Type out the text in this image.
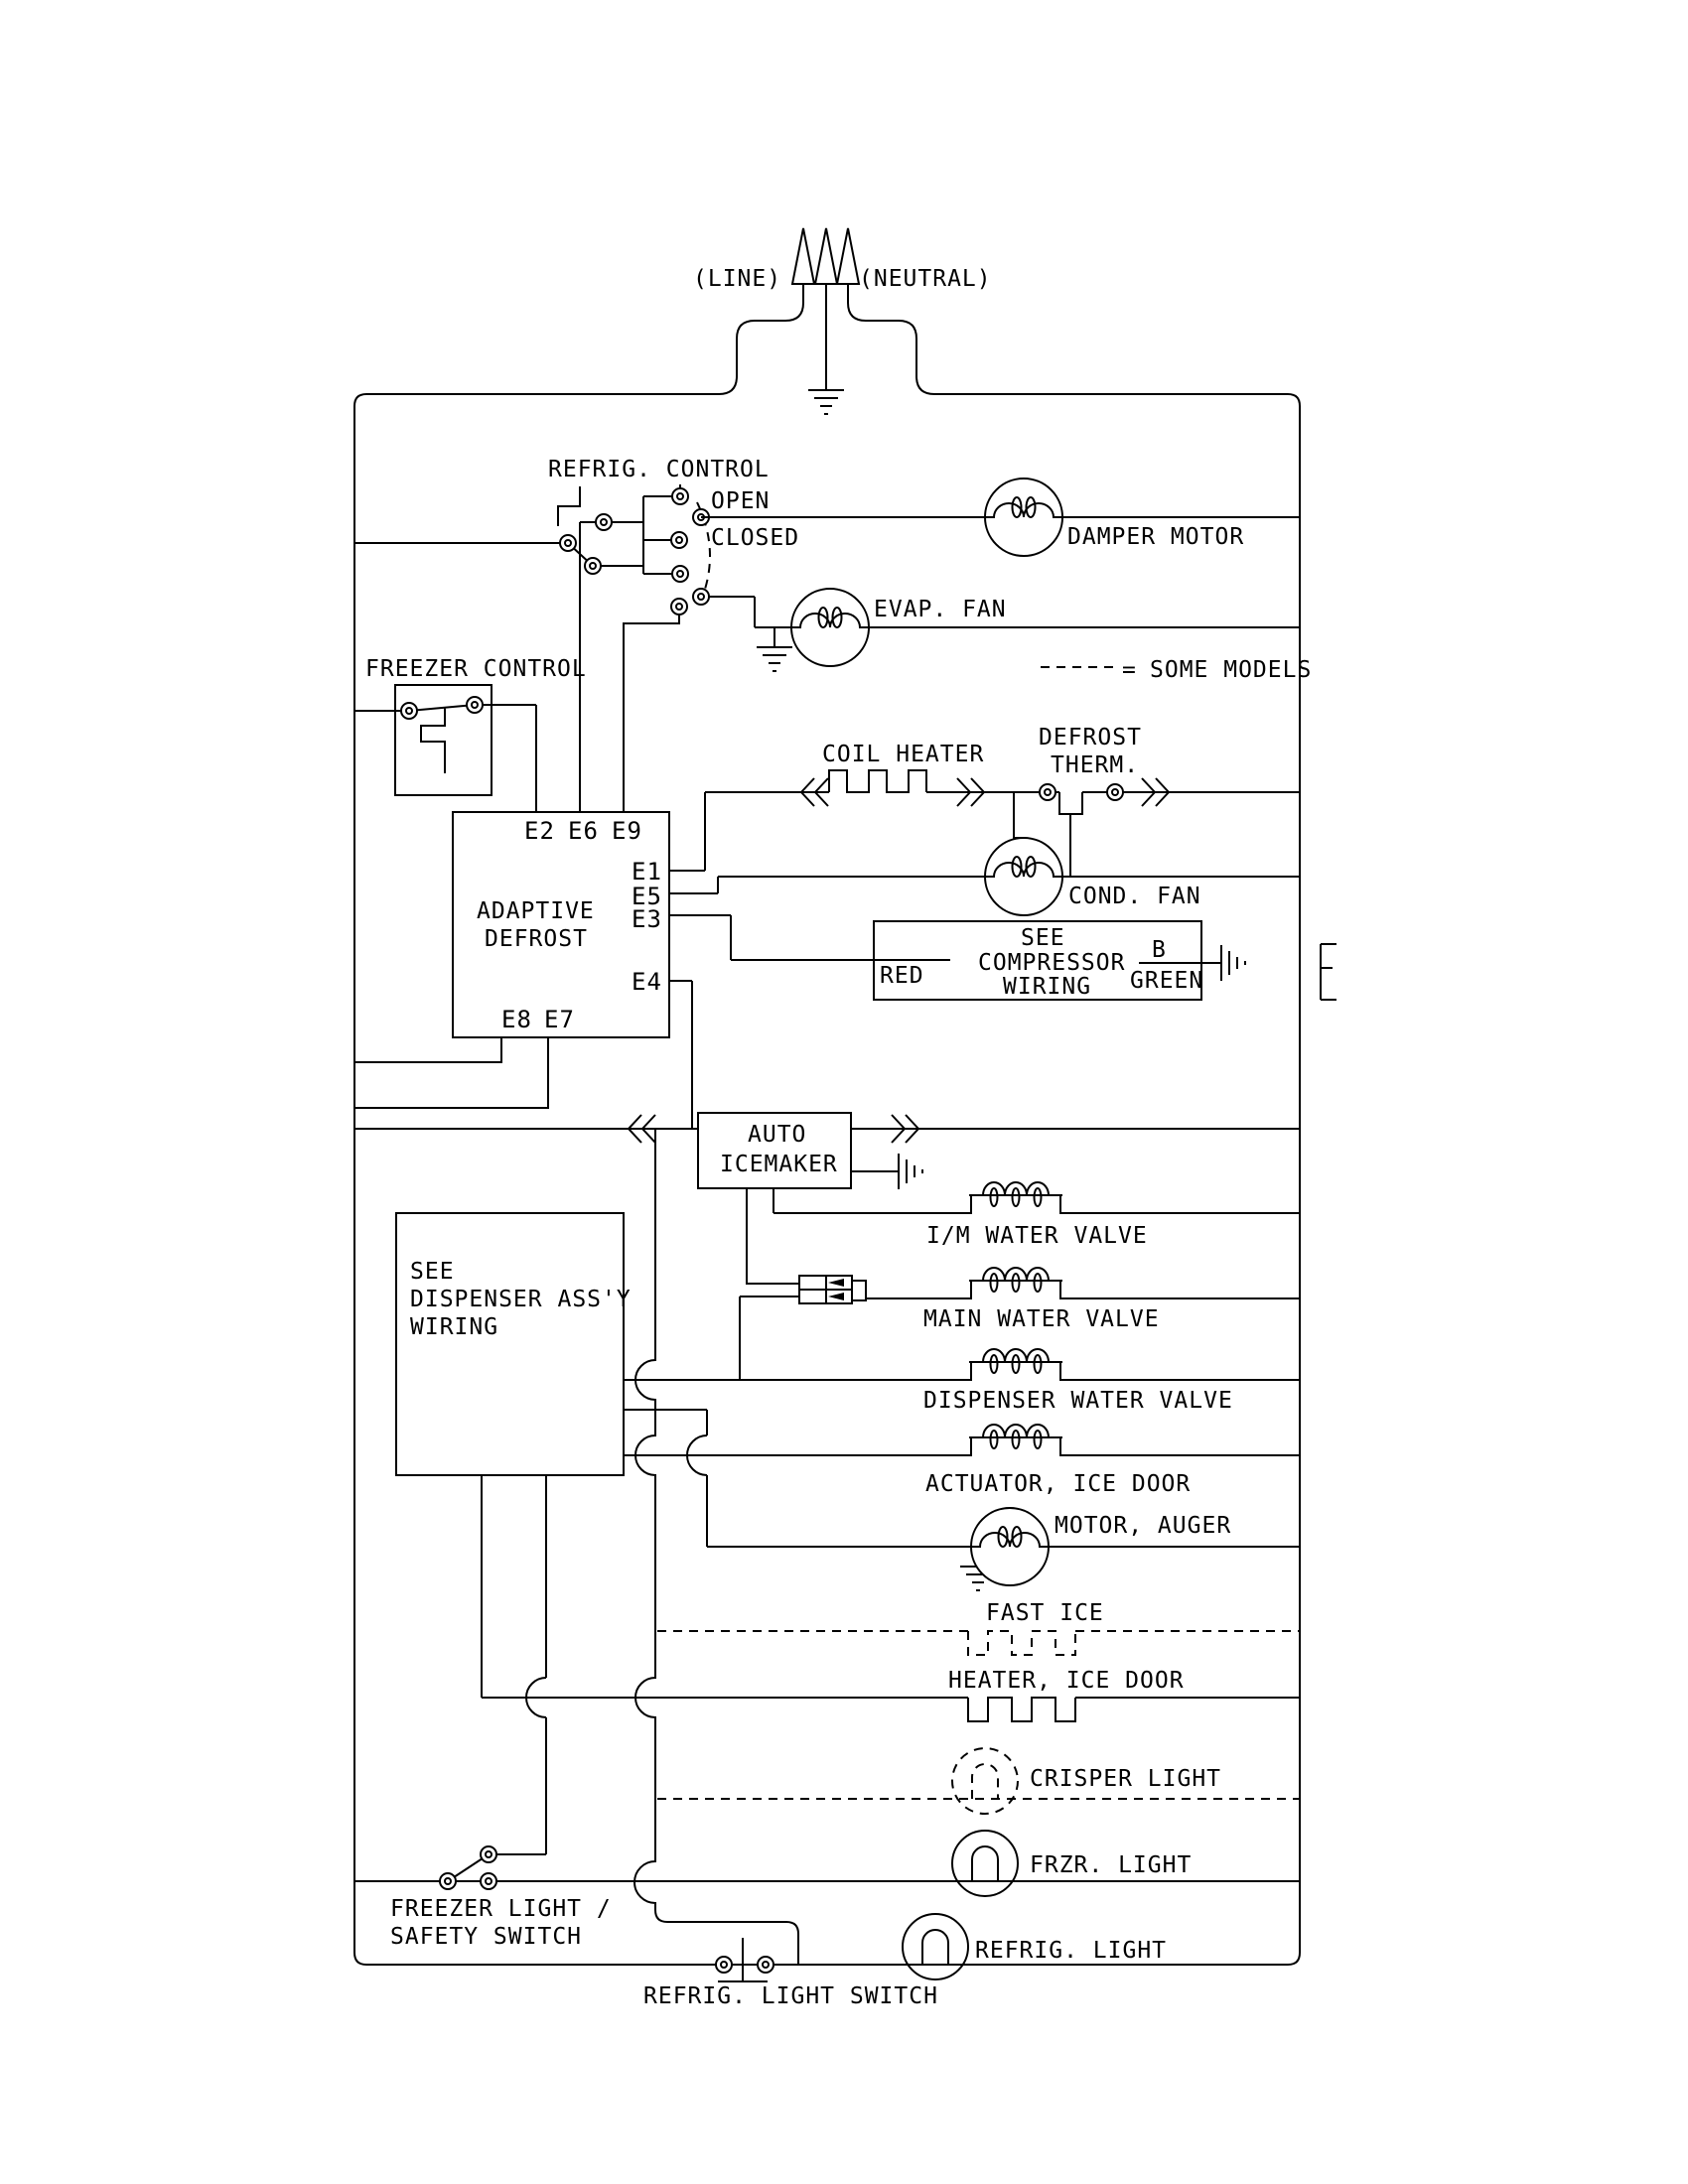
(LINE)	(NEUTRAL)
REFRIG. CONTROL
OPEN
CLOSED	DAMPER MOTOR
EVAP. FAN
= SOME MODELS
FREEZER CONTROL
COIL HEATER
DEFROST
THERM.
ADAPTIVE
DEFROST
E2 E6 E9
E1
E5
E3
E4
E8 E7
COND. FAN
SEE
COMPRESSOR
WIRING
RED
B
GREEN
AUTO
ICEMAKER
I/M WATER VALVE
MAIN WATER VALVE
DISPENSER WATER VALVE
ACTUATOR, ICE DOOR
SEE
DISPENSER ASS'Y
WIRING
MOTOR, AUGER
FAST ICE
HEATER, ICE DOOR
CRISPER LIGHT
FRZR. LIGHT
FREEZER LIGHT /
SAFETY SWITCH
REFRIG. LIGHT
REFRIG. LIGHT SWITCH
